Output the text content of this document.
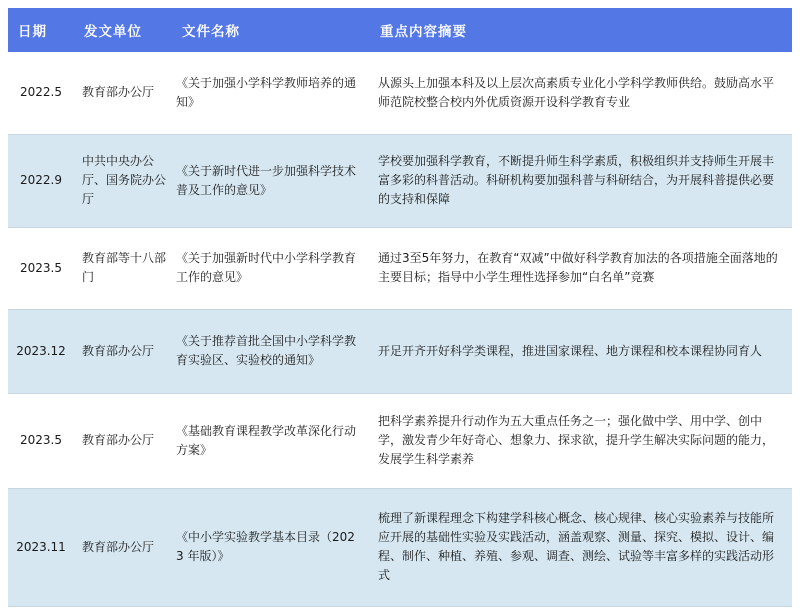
日期	发文单位	文件名称	重点内容摘要
2022.5	教育部办公厅	《关于加强小学科学教师培养的通知》	从源头上加强本科及以上层次高素质专业化小学科学教师供给。鼓励高水平师范院校整合校内外优质资源开设科学教育专业
2022.9	中共中央办公厅、国务院办公厅	《关于新时代进一步加强科学技术普及工作的意见》	学校要加强科学教育，不断提升师生科学素质，积极组织并支持师生开展丰富多彩的科普活动。科研机构要加强科普与科研结合，为开展科普提供必要的支持和保障
2023.5	教育部等十八部门	《关于加强新时代中小学科学教育工作的意见》	通过3至5年努力，在教育“双减”中做好科学教育加法的各项措施全面落地的主要目标；指导中小学生理性选择参加“白名单”竞赛
2023.12	教育部办公厅	《关于推荐首批全国中小学科学教育实验区、实验校的通知》	开足开齐开好科学类课程，推进国家课程、地方课程和校本课程协同育人
2023.5	教育部办公厅	《基础教育课程教学改革深化行动方案》	把科学素养提升行动作为五大重点任务之一；强化做中学、用中学、创中学，激发青少年好奇心、想象力、探求欲，提升学生解决实际问题的能力，发展学生科学素养
2023.11	教育部办公厅	《中小学实验教学基本目录（2023 年版）》	梳理了新课程理念下构建学科核心概念、核心规律、核心实验素养与技能所应开展的基础性实验及实践活动，涵盖观察、测量、探究、模拟、设计、编程、制作、种植、养殖、参观、调查、测绘、试验等丰富多样的实践活动形式
